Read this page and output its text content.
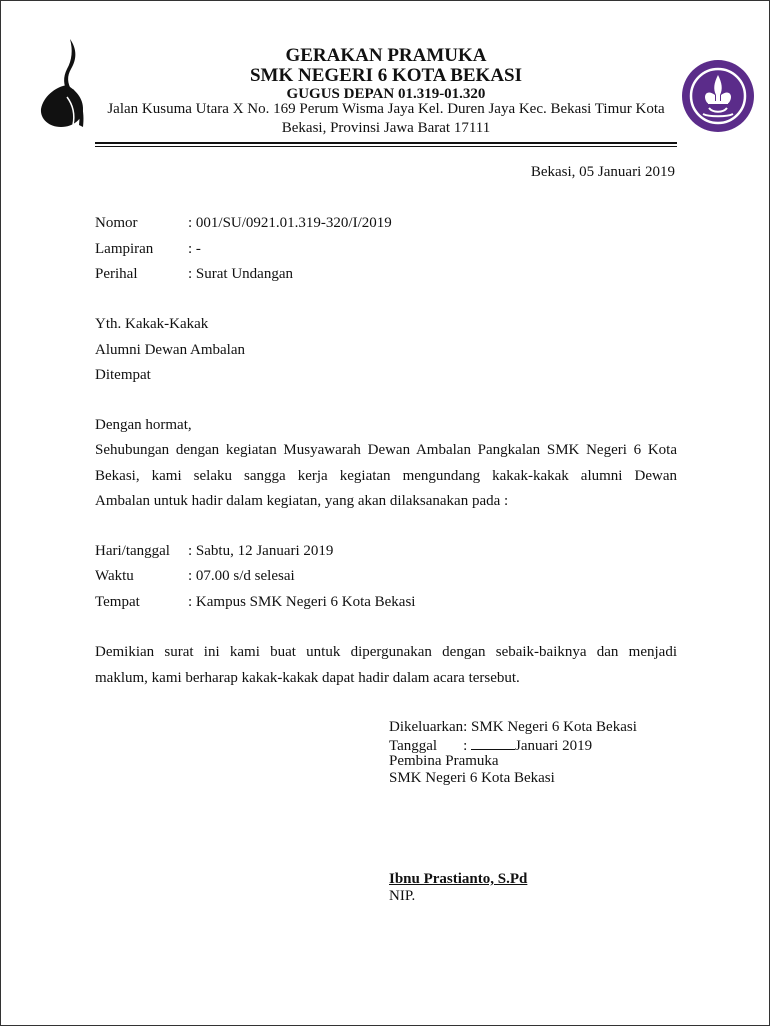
GERAKAN PRAMUKA
SMK NEGERI 6 KOTA BEKASI
GUGUS DEPAN 01.319-01.320
Jalan Kusuma Utara X No. 169 Perum Wisma Jaya Kel. Duren Jaya Kec. Bekasi Timur Kota
Bekasi, Provinsi Jawa Barat 17111
Bekasi, 05 Januari 2019
Nomor	: 001/SU/0921.01.319-320/I/2019
Lampiran : -
Perihal	: Surat Undangan
Yth. Kakak-Kakak
Alumni Dewan Ambalan
Ditempat
Dengan hormat,
Sehubungan dengan kegiatan Musyawarah Dewan Ambalan Pangkalan SMK Negeri 6 Kota
Bekasi, kami selaku sangga kerja kegiatan mengundang kakak-kakak alumni Dewan
Ambalan untuk hadir dalam kegiatan, yang akan dilaksanakan pada :
Hari/tanggal : Sabtu, 12 Januari 2019
Waktu	: 07.00 s/d selesai
Tempat	: Kampus SMK Negeri 6 Kota Bekasi
Demikian surat ini kami buat untuk dipergunakan dengan sebaik-baiknya dan menjadi
maklum, kami berharap kakak-kakak dapat hadir dalam acara tersebut.
Dikeluarkan: SMK Negeri 6 Kota Bekasi
Tanggal :	Januari 2019
Pembina Pramuka
SMK Negeri 6 Kota Bekasi
Ibnu Prastianto, S.Pd
NIP.
